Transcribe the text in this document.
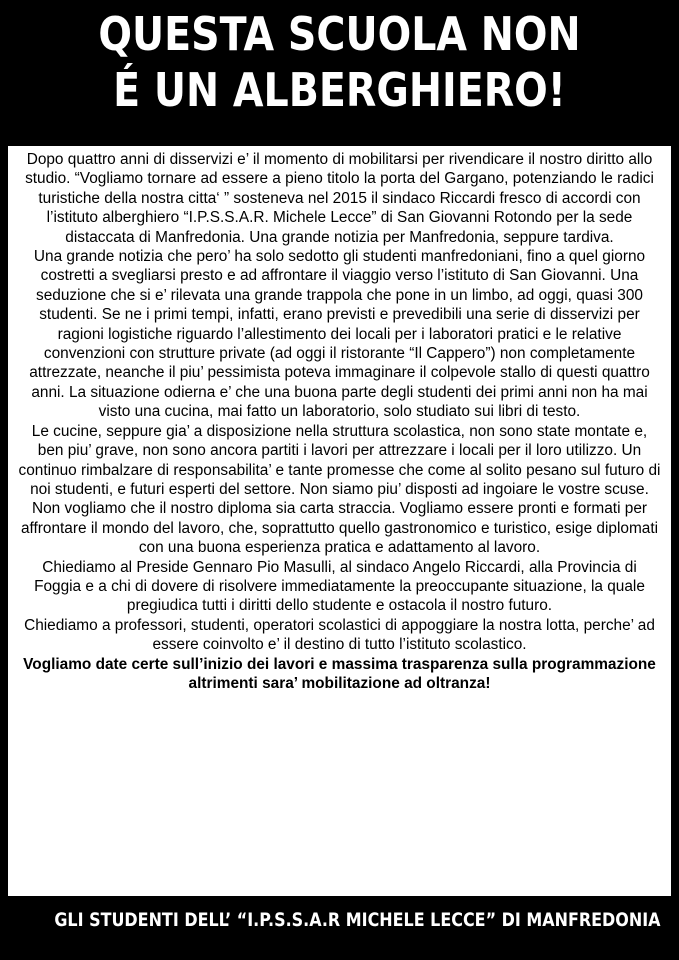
QUESTA SCUOLA NON
É UN ALBERGHIERO!

Dopo quattro anni di disservizi e’ il momento di mobilitarsi per rivendicare il nostro diritto allo studio. “Vogliamo tornare ad essere a pieno titolo la porta del Gargano, potenziando le radici turistiche della nostra citta‘ ” sosteneva nel 2015 il sindaco Riccardi fresco di accordi con l’istituto alberghiero “I.P.S.S.A.R. Michele Lecce” di San Giovanni Rotondo per la sede distaccata di Manfredonia. Una grande notizia per Manfredonia, seppure tardiva.

Una grande notizia che pero’ ha solo sedotto gli studenti manfredoniani, fino a quel giorno costretti a svegliarsi presto e ad affrontare il viaggio verso l’istituto di San Giovanni. Una seduzione che si e’ rilevata una grande trappola che pone in un limbo, ad oggi, quasi 300 studenti. Se ne i primi tempi, infatti, erano previsti e prevedibili una serie di disservizi per ragioni logistiche riguardo l’allestimento dei locali per i laboratori pratici e le relative convenzioni con strutture private (ad oggi il ristorante “Il Cappero”) non completamente attrezzate, neanche il piu’ pessimista poteva immaginare il colpevole stallo di questi quattro anni. La situazione odierna e’ che una buona parte degli studenti dei primi anni non ha mai visto una cucina, mai fatto un laboratorio, solo studiato sui libri di testo.

Le cucine, seppure gia’ a disposizione nella struttura scolastica, non sono state montate e, ben piu’ grave, non sono ancora partiti i lavori per attrezzare i locali per il loro utilizzo. Un continuo rimbalzare di responsabilita’ e tante promesse che come al solito pesano sul futuro di noi studenti, e futuri esperti del settore. Non siamo piu’ disposti ad ingoiare le vostre scuse. Non vogliamo che il nostro diploma sia carta straccia. Vogliamo essere pronti e formati per affrontare il mondo del lavoro, che, soprattutto quello gastronomico e turistico, esige diplomati con una buona esperienza pratica e adattamento al lavoro.

Chiediamo al Preside Gennaro Pio Masulli, al sindaco Angelo Riccardi, alla Provincia di Foggia e a chi di dovere di risolvere immediatamente la preoccupante situazione, la quale pregiudica tutti i diritti dello studente e ostacola il nostro futuro.

Chiediamo a professori, studenti, operatori scolastici di appoggiare la nostra lotta, perche’ ad essere coinvolto e’ il destino di tutto l’istituto scolastico.

Vogliamo date certe sull’inizio dei lavori e massima trasparenza sulla programmazione altrimenti sara’ mobilitazione ad oltranza!

GLI STUDENTI DELL’ “I.P.S.S.A.R MICHELE LECCE” DI MANFREDONIA
